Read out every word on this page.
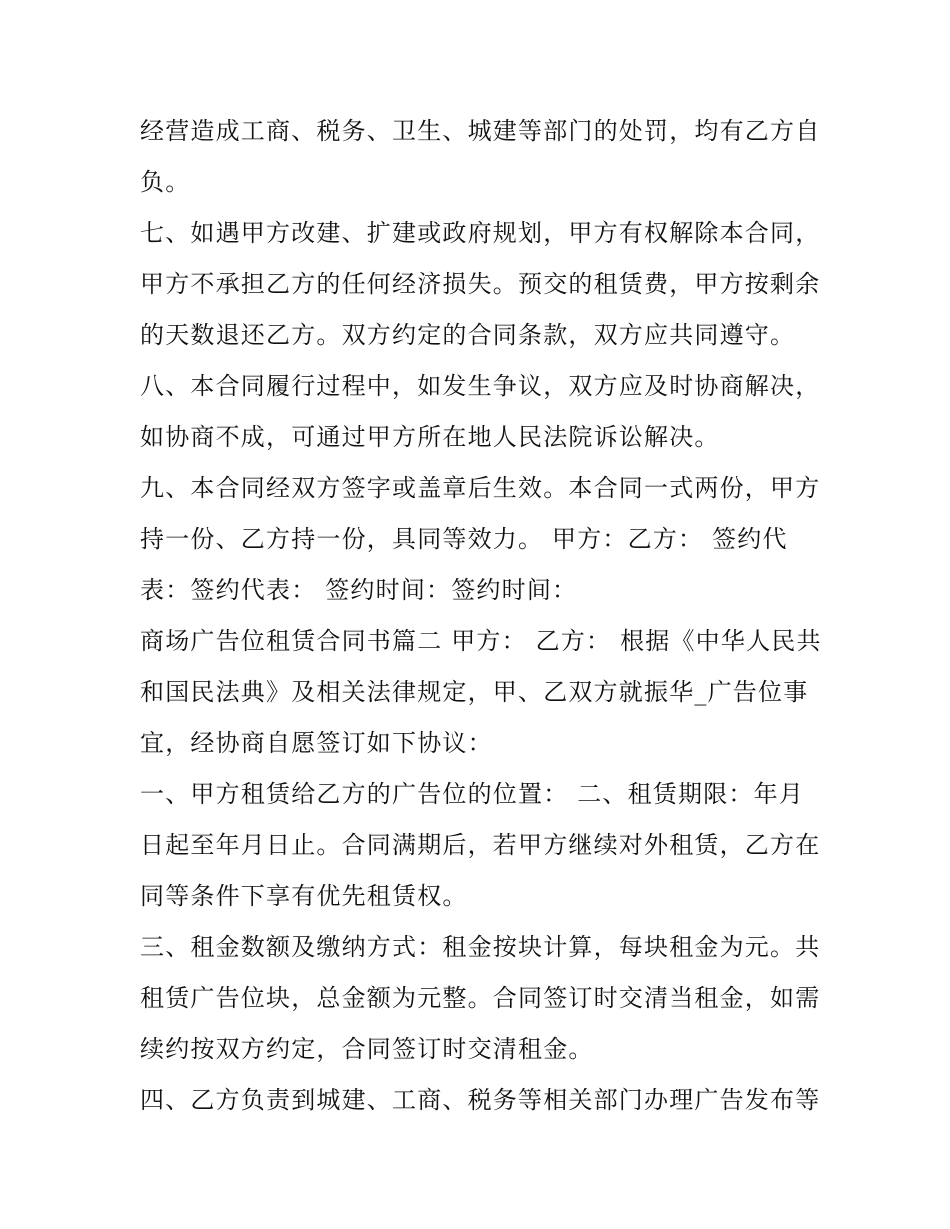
经营造成工商、税务、卫生、城建等部门的处罚，均有乙方自
负。
七、如遇甲方改建、扩建或政府规划，甲方有权解除本合同，
甲方不承担乙方的任何经济损失。预交的租赁费，甲方按剩余
的天数退还乙方。双方约定的合同条款，双方应共同遵守。
八、本合同履行过程中，如发生争议，双方应及时协商解决，
如协商不成，可通过甲方所在地人民法院诉讼解决。
九、本合同经双方签字或盖章后生效。本合同一式两份，甲方
持一份、乙方持一份，具同等效力。 甲方：乙方： 签约代
表：签约代表： 签约时间：签约时间：
商场广告位租赁合同书篇二 甲方： 乙方： 根据《中华人民共
和国民法典》及相关法律规定，甲、乙双方就振华_广告位事
宜，经协商自愿签订如下协议：
一、甲方租赁给乙方的广告位的位置： 二、租赁期限：年月
日起至年月日止。合同满期后，若甲方继续对外租赁，乙方在
同等条件下享有优先租赁权。
三、租金数额及缴纳方式：租金按块计算，每块租金为元。共
租赁广告位块，总金额为元整。合同签订时交清当租金，如需
续约按双方约定，合同签订时交清租金。
四、乙方负责到城建、工商、税务等相关部门办理广告发布等
